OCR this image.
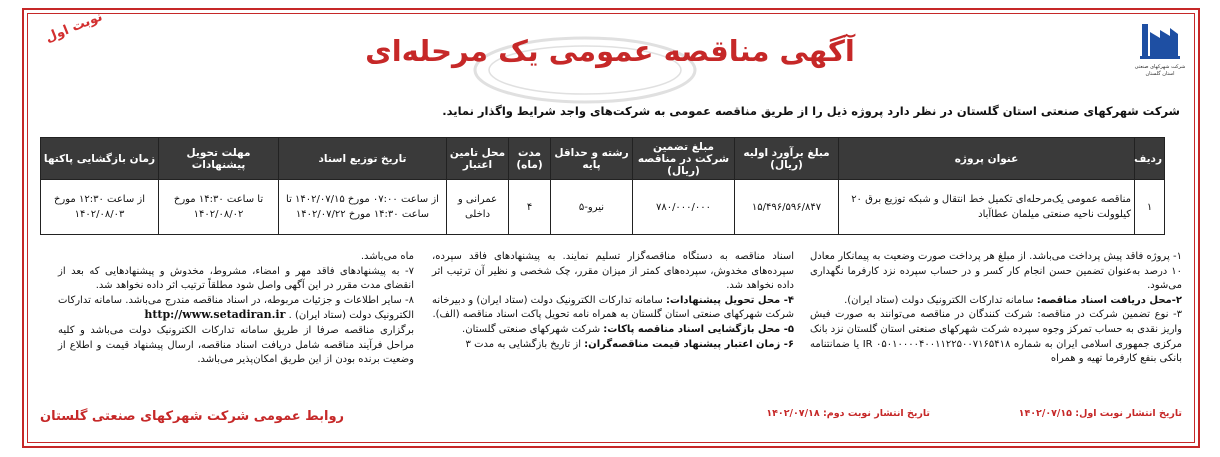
شرکت شهرکهای صنعتی استان گلستان
نوبت اول
آگهی مناقصه عمومی یک مرحله‌ای
شرکت شهرکهای صنعتی استان گلستان در نظر دارد پروژه ذیل را از طریق مناقصه عمومی به شرکت‌های واجد شرایط واگذار نماید.
ردیف	عنوان پروژه	مبلغ برآورد اولیه (ریال)	مبلغ تضمین شرکت در مناقصه (ریال)	رشته و حداقل پایه	مدت (ماه)	محل تامین اعتبار	تاریخ توزیع اسناد	مهلت تحویل پیشنهادات	زمان بازگشایی پاکتها
۱	مناقصه عمومی یک‌مرحله‌ای تکمیل خط انتقال و شبکه توزیع برق ۲۰ کیلوولت ناحیه صنعتی میلمان عطاآباد	۱۵/۴۹۶/۵۹۶/۸۴۷	۷۸۰/۰۰۰/۰۰۰	نیرو-۵	۴	عمرانی و داخلی	از ساعت ۰۷:۰۰ مورخ ۱۴۰۲/۰۷/۱۵ تا ساعت ۱۴:۳۰ مورخ ۱۴۰۲/۰۷/۲۲	تا ساعت ۱۴:۳۰ مورخ ۱۴۰۲/۰۸/۰۲	از ساعت ۱۲:۳۰ مورخ ۱۴۰۲/۰۸/۰۳

۱- پروژه فاقد پیش پرداخت می‌باشد. از مبلغ هر پرداخت صورت وضعیت به پیمانکار معادل ۱۰ درصد به‌عنوان تضمین حسن انجام کار کسر و در حساب سپرده نزد کارفرما نگهداری می‌شود.

۲-محل دریافت اسناد مناقصه: سامانه تدارکات الکترونیک دولت (ستاد ایران).

۳- نوع تضمین شرکت در مناقصه: شرکت کنندگان در مناقصه می‌توانند به صورت فیش واریز نقدی به حساب تمرکز وجوه سپرده شرکت شهرکهای صنعتی استان گلستان نزد بانک مرکزی جمهوری اسلامی ایران به شماره IR ۰۵۰۱۰۰۰۰۴۰۰۱۱۲۲۵۰۰۷۱۶۵۴۱۸ یا ضمانتنامه بانکی بنفع کارفرما تهیه و همراه

اسناد مناقصه به دستگاه مناقصه‌گزار تسلیم نمایند. به پیشنهادهای فاقد سپرده، سپرده‌های مخدوش، سپرده‌های کمتر از میزان مقرر، چک شخصی و نظیر آن ترتیب اثر داده نخواهد شد.

۴- محل تحویل پیشنهادات: سامانه تدارکات الکترونیک دولت (ستاد ایران) و دبیرخانه شرکت شهرکهای صنعتی استان گلستان به همراه نامه تحویل پاکت اسناد مناقصه (الف).

۵- محل بازگشایی اسناد مناقصه پاکات: شرکت شهرکهای صنعتی گلستان.

۶- زمان اعتبار پیشنهاد قیمت مناقصه‌گران: از تاریخ بازگشایی به مدت ۳

ماه می‌باشد.

۷- به پیشنهادهای فاقد مهر و امضاء، مشروط، مخدوش و پیشنهادهایی که بعد از انقضای مدت مقرر در این آگهی واصل شود مطلقاً ترتیب اثر داده نخواهد شد.

۸- سایر اطلاعات و جزئیات مربوطه، در اسناد مناقصه مندرج می‌باشد. سامانه تدارکات الکترونیک دولت (ستاد ایران) . http://www.setadiran.ir

برگزاری مناقصه صرفا از طریق سامانه تدارکات الکترونیک دولت می‌باشد و کلیه مراحل فرآیند مناقصه شامل دریافت اسناد مناقصه، ارسال پیشنهاد قیمت و اطلاع از وضعیت برنده بودن از این طریق امکان‌پذیر می‌باشد.

تاریخ انتشار نوبت اول: ۱۴۰۲/۰۷/۱۵
تاریخ انتشار نوبت دوم: ۱۴۰۲/۰۷/۱۸
روابط عمومی شرکت شهرکهای صنعتی گلستان
